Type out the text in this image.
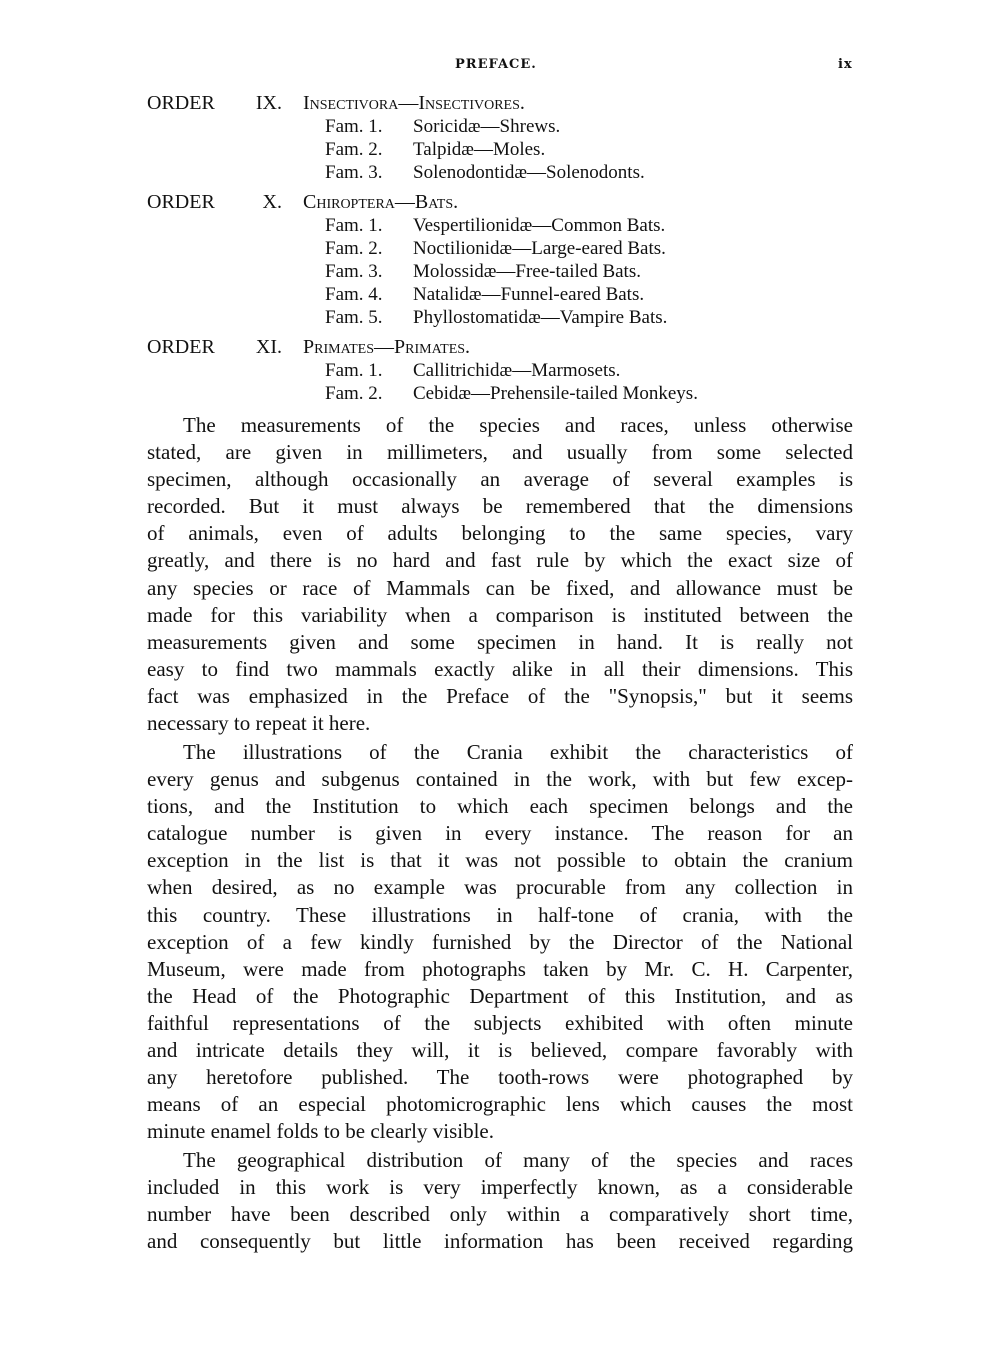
PREFACE.	ix
ORDER	IX. Insectivora—Insectivores.
Fam. 1. Soricidæ—Shrews.
Fam. 2. Talpidæ—Moles.
Fam. 3. Solenodontidæ—Solenodonts.
ORDER	X. Chiroptera—Bats.
Fam. 1. Vespertilionidæ—Common Bats.
Fam. 2. Noctilionidæ—Large-eared Bats.
Fam. 3. Molossidæ—Free-tailed Bats.
Fam. 4. Natalidæ—Funnel-eared Bats.
Fam. 5. Phyllostomatidæ—Vampire Bats.
ORDER	XI. Primates—Primates.
Fam. 1. Callitrichidæ—Marmosets.
Fam. 2. Cebidæ—Prehensile-tailed Monkeys.
The measurements of the species and races, unless otherwise
stated, are given in millimeters, and usually from some selected
specimen, although occasionally an average of several examples is
recorded. But it must always be remembered that the dimensions
of animals, even of adults belonging to the same species, vary
greatly, and there is no hard and fast rule by which the exact size of
any species or race of Mammals can be fixed, and allowance must be
made for this variability when a comparison is instituted between the
measurements given and some specimen in hand. It is really not
easy to find two mammals exactly alike in all their dimensions. This
fact was emphasized in the Preface of the "Synopsis," but it seems
necessary to repeat it here.
The illustrations of the Crania exhibit the characteristics of
every genus and subgenus contained in the work, with but few excep-
tions, and the Institution to which each specimen belongs and the
catalogue number is given in every instance. The reason for an
exception in the list is that it was not possible to obtain the cranium
when desired, as no example was procurable from any collection in
this country. These illustrations in half-tone of crania, with the
exception of a few kindly furnished by the Director of the National
Museum, were made from photographs taken by Mr. C. H. Carpenter,
the Head of the Photographic Department of this Institution, and as
faithful representations of the subjects exhibited with often minute
and intricate details they will, it is believed, compare favorably with
any heretofore published. The tooth-rows were photographed by
means of an especial photomicrographic lens which causes the most
minute enamel folds to be clearly visible.
The geographical distribution of many of the species and races
included in this work is very imperfectly known, as a considerable
number have been described only within a comparatively short time,
and consequently but little information has been received regarding
